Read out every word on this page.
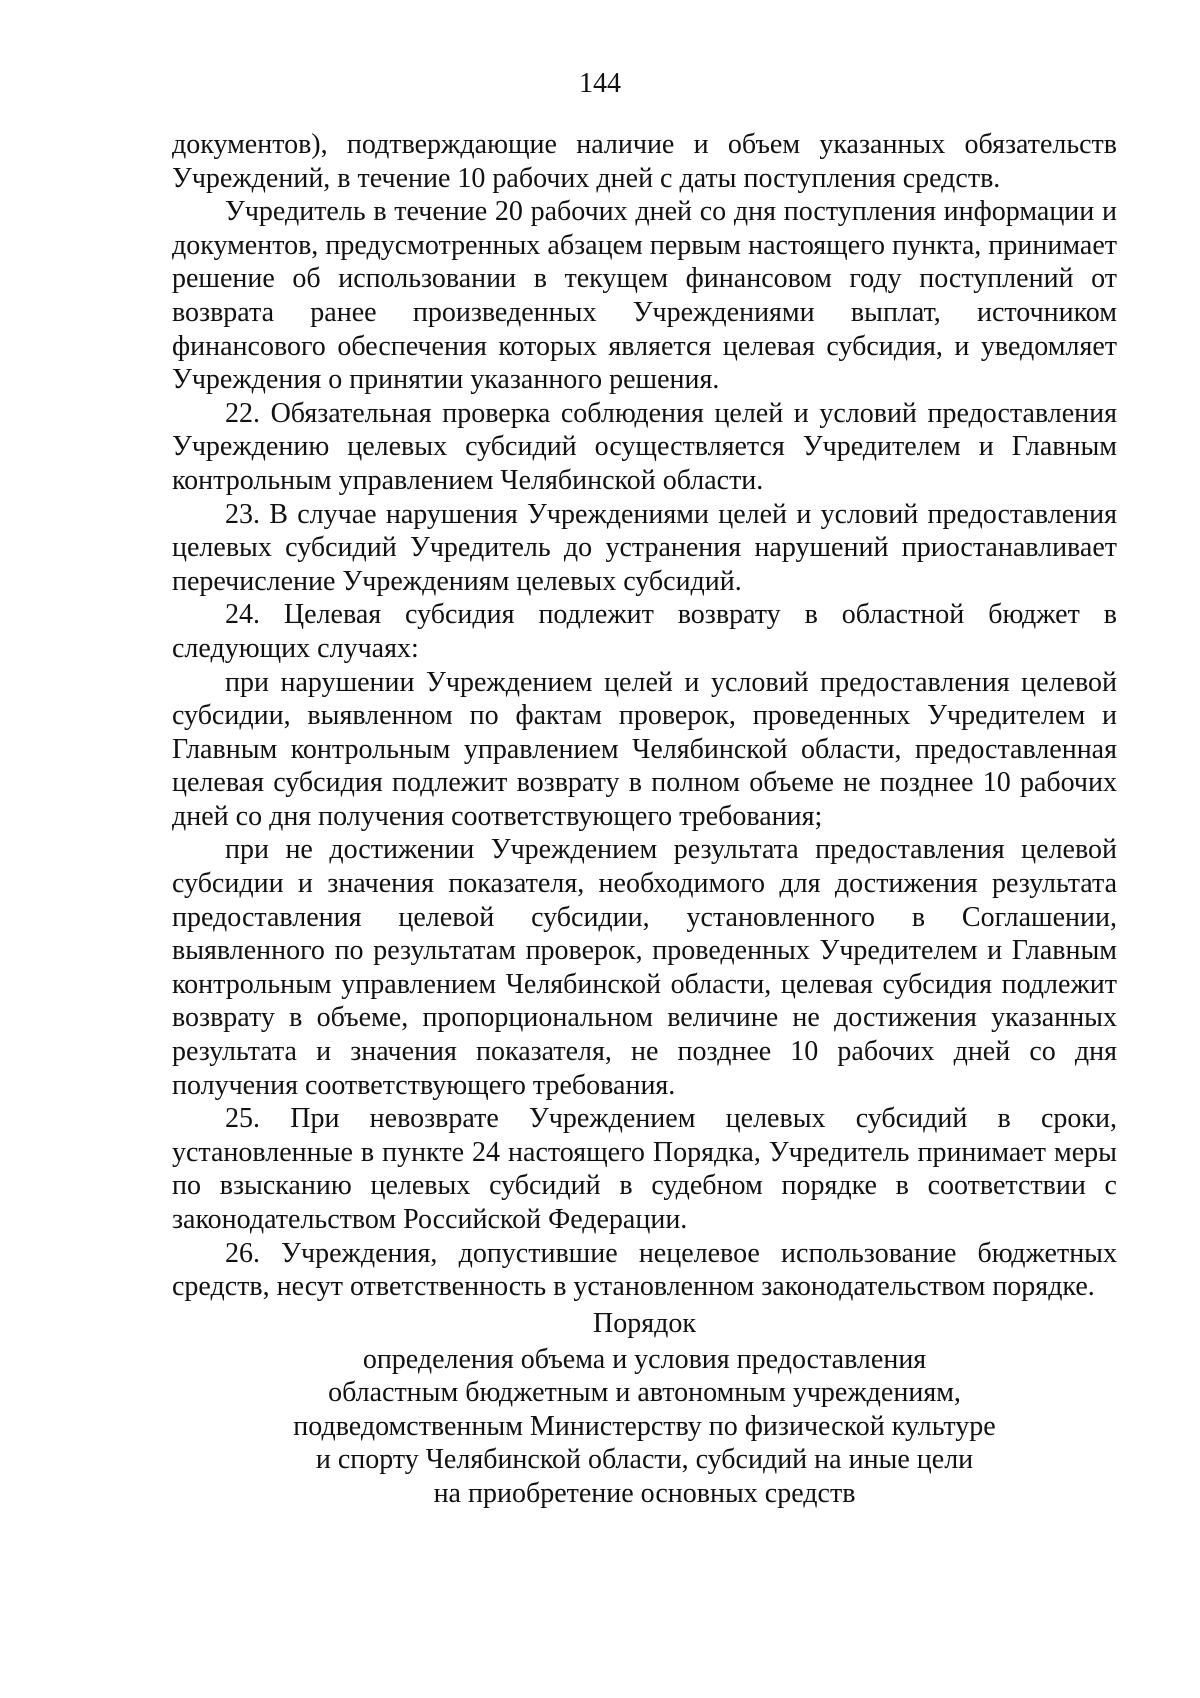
144

документов), подтверждающие наличие и объем указанных обязательств Учреждений, в течение 10 рабочих дней с даты поступления средств.

Учредитель в течение 20 рабочих дней со дня поступления информации и документов, предусмотренных абзацем первым настоящего пункта, принимает решение об использовании в текущем финансовом году поступлений от возврата ранее произведенных Учреждениями выплат, источником финансового обеспечения которых является целевая субсидия, и уведомляет Учреждения о принятии указанного решения.

22. Обязательная проверка соблюдения целей и условий предоставления Учреждению целевых субсидий осуществляется Учредителем и Главным контрольным управлением Челябинской области.

23. В случае нарушения Учреждениями целей и условий предоставления целевых субсидий Учредитель до устранения нарушений приостанавливает перечисление Учреждениям целевых субсидий.

24. Целевая субсидия подлежит возврату в областной бюджет в следующих случаях:

при нарушении Учреждением целей и условий предоставления целевой субсидии, выявленном по фактам проверок, проведенных Учредителем и Главным контрольным управлением Челябинской области, предоставленная целевая субсидия подлежит возврату в полном объеме не позднее 10 рабочих дней со дня получения соответствующего требования;

при не достижении Учреждением результата предоставления целевой субсидии и значения показателя, необходимого для достижения результата предоставления целевой субсидии, установленного в Соглашении, выявленного по результатам проверок, проведенных Учредителем и Главным контрольным управлением Челябинской области, целевая субсидия подлежит возврату в объеме, пропорциональном величине не достижения указанных результата и значения показателя, не позднее 10 рабочих дней со дня получения соответствующего требования.

25. При невозврате Учреждением целевых субсидий в сроки, установленные в пункте 24 настоящего Порядка, Учредитель принимает меры по взысканию целевых субсидий в судебном порядке в соответствии с законодательством Российской Федерации.

26. Учреждения, допустившие нецелевое использование бюджетных средств, несут ответственность в установленном законодательством порядке.

Порядок

определения объема и условия предоставления

областным бюджетным и автономным учреждениям,

подведомственным Министерству по физической культуре

и спорту Челябинской области, субсидий на иные цели

на приобретение основных средств
